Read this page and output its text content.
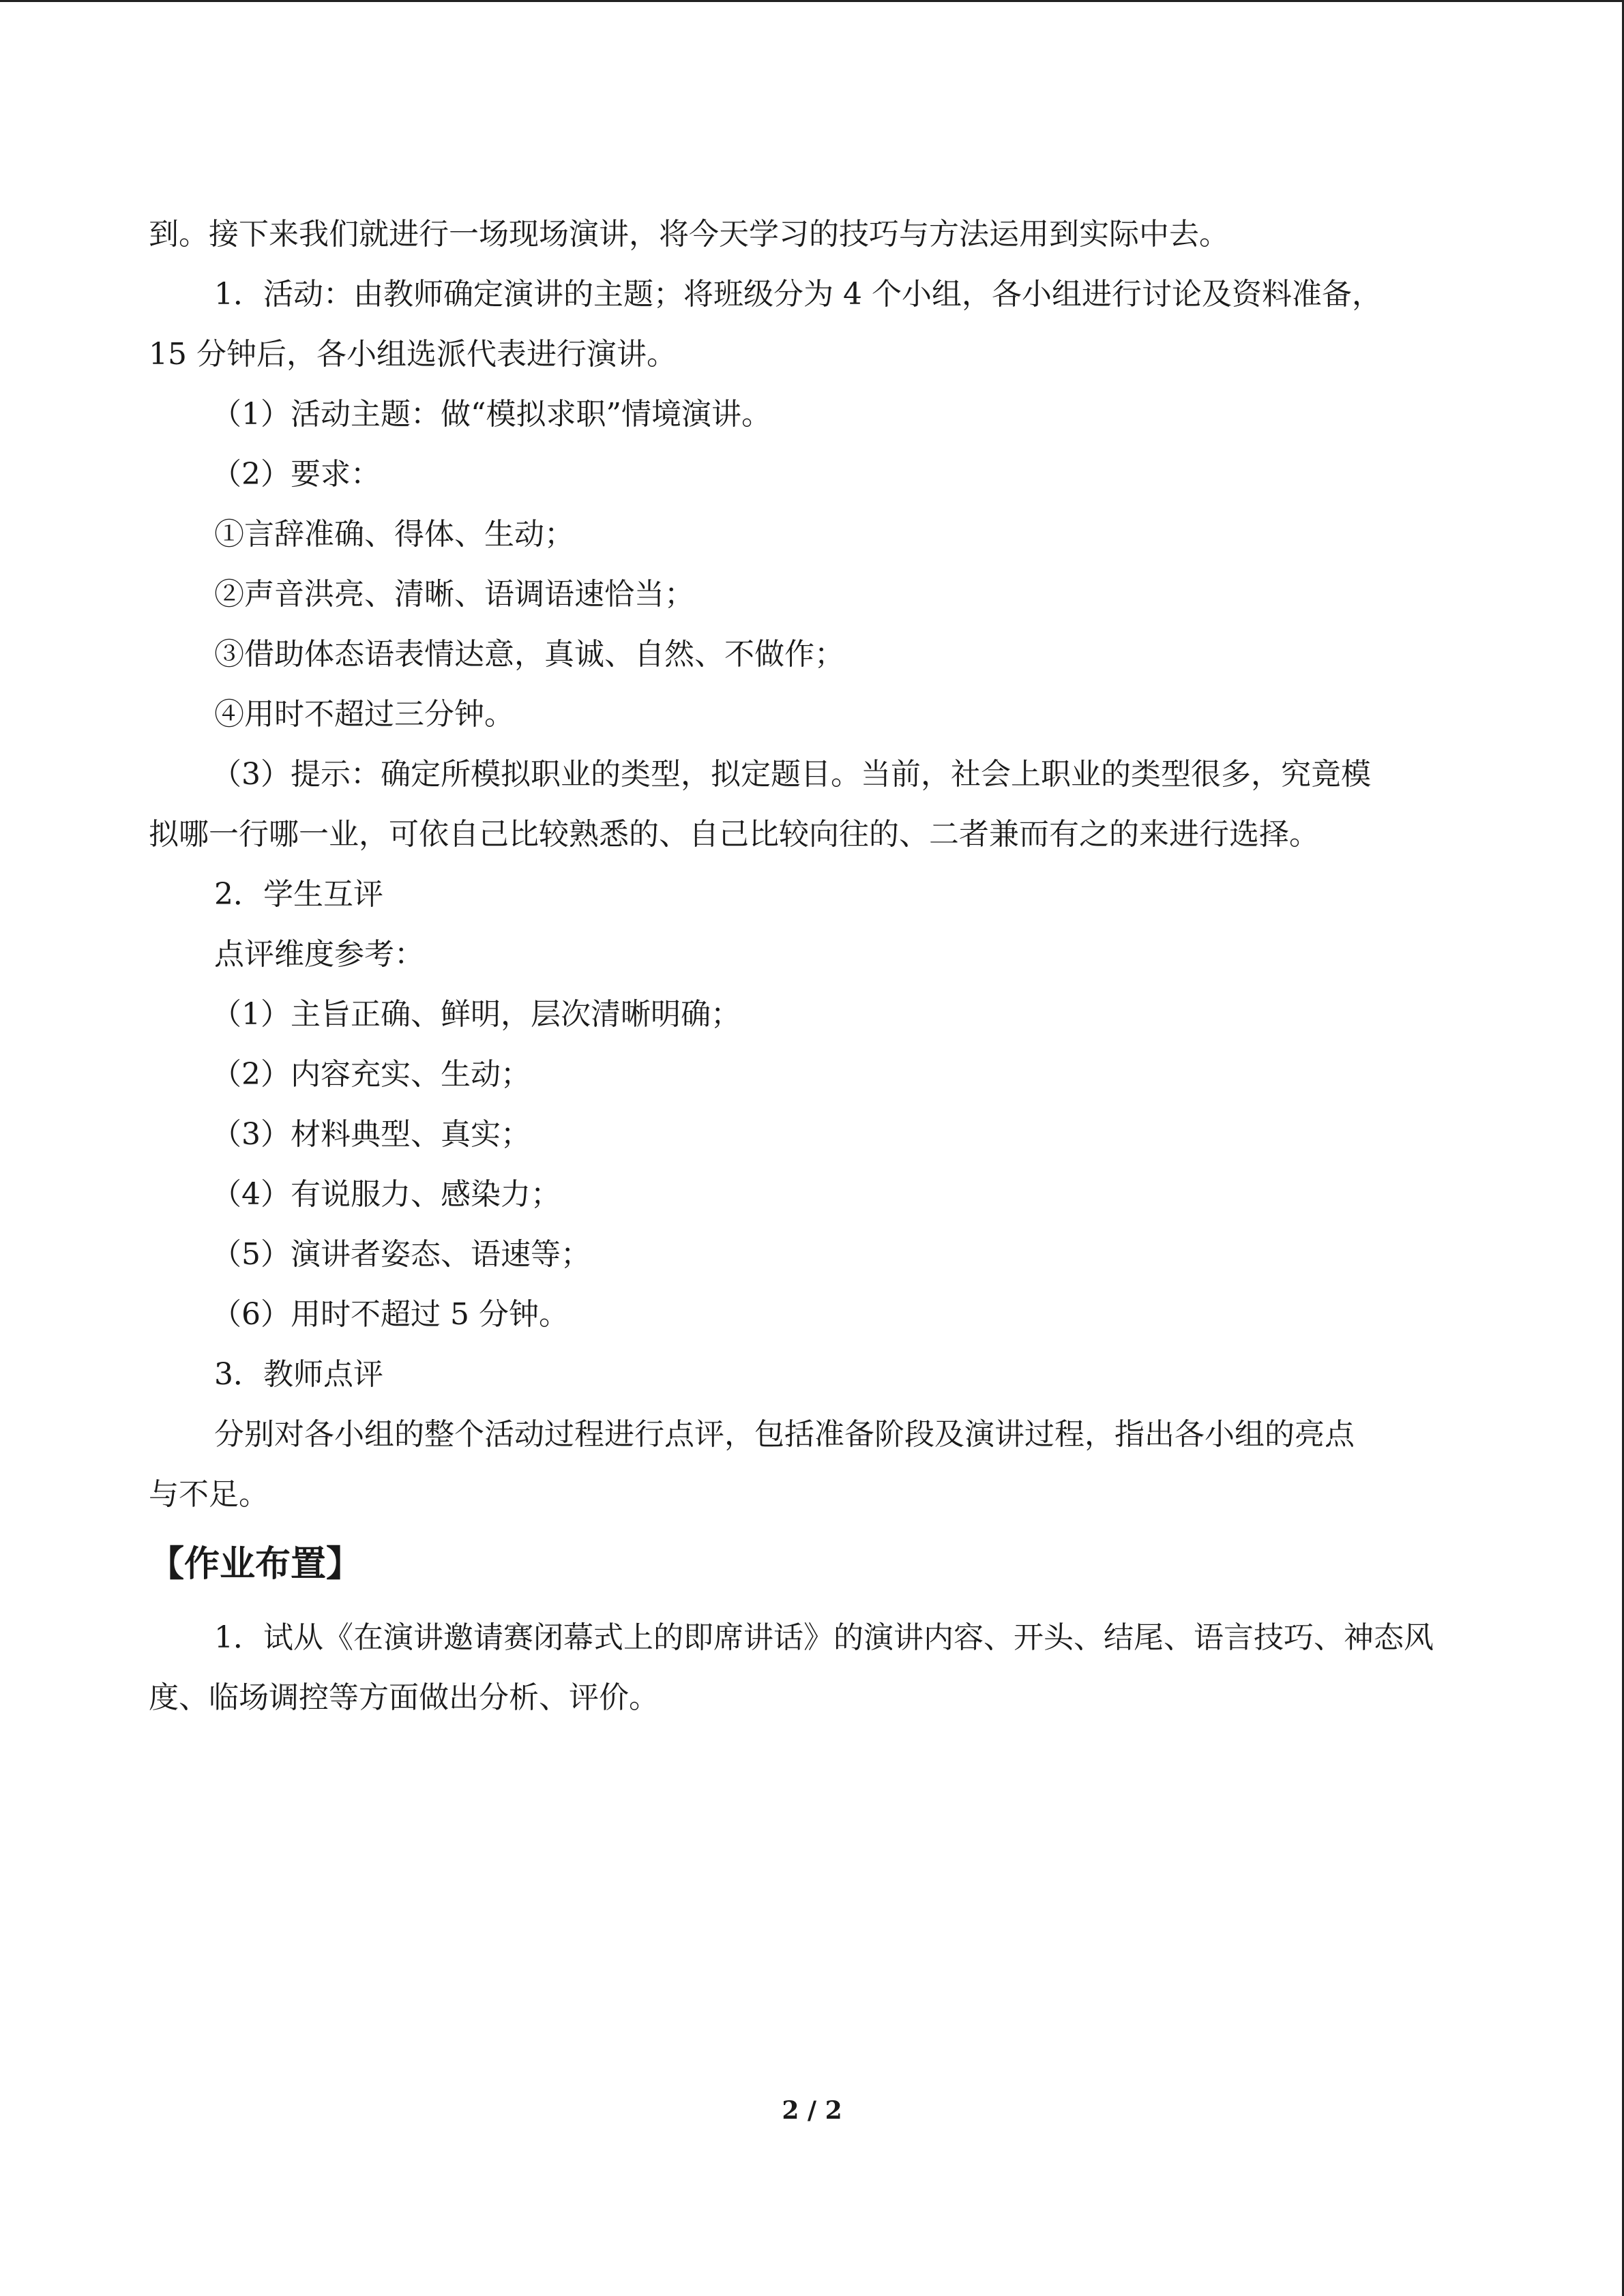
到。接下来我们就进行一场现场演讲，将今天学习的技巧与方法运用到实际中去。
1．活动：由教师确定演讲的主题；将班级分为 4 个小组，各小组进行讨论及资料准备，
15 分钟后，各小组选派代表进行演讲。
（1）活动主题：做“模拟求职”情境演讲。
（2）要求：
①言辞准确、得体、生动；
②声音洪亮、清晰、语调语速恰当；
③借助体态语表情达意，真诚、自然、不做作；
④用时不超过三分钟。
（3）提示：确定所模拟职业的类型，拟定题目。当前，社会上职业的类型很多，究竟模
拟哪一行哪一业，可依自己比较熟悉的、自己比较向往的、二者兼而有之的来进行选择。
2．学生互评
点评维度参考：
（1）主旨正确、鲜明，层次清晰明确；
（2）内容充实、生动；
（3）材料典型、真实；
（4）有说服力、感染力；
（5）演讲者姿态、语速等；
（6）用时不超过 5 分钟。
3．教师点评
分别对各小组的整个活动过程进行点评，包括准备阶段及演讲过程，指出各小组的亮点
与不足。
【作业布置】
1．试从《在演讲邀请赛闭幕式上的即席讲话》的演讲内容、开头、结尾、语言技巧、神态风
度、临场调控等方面做出分析、评价。
2 / 2
